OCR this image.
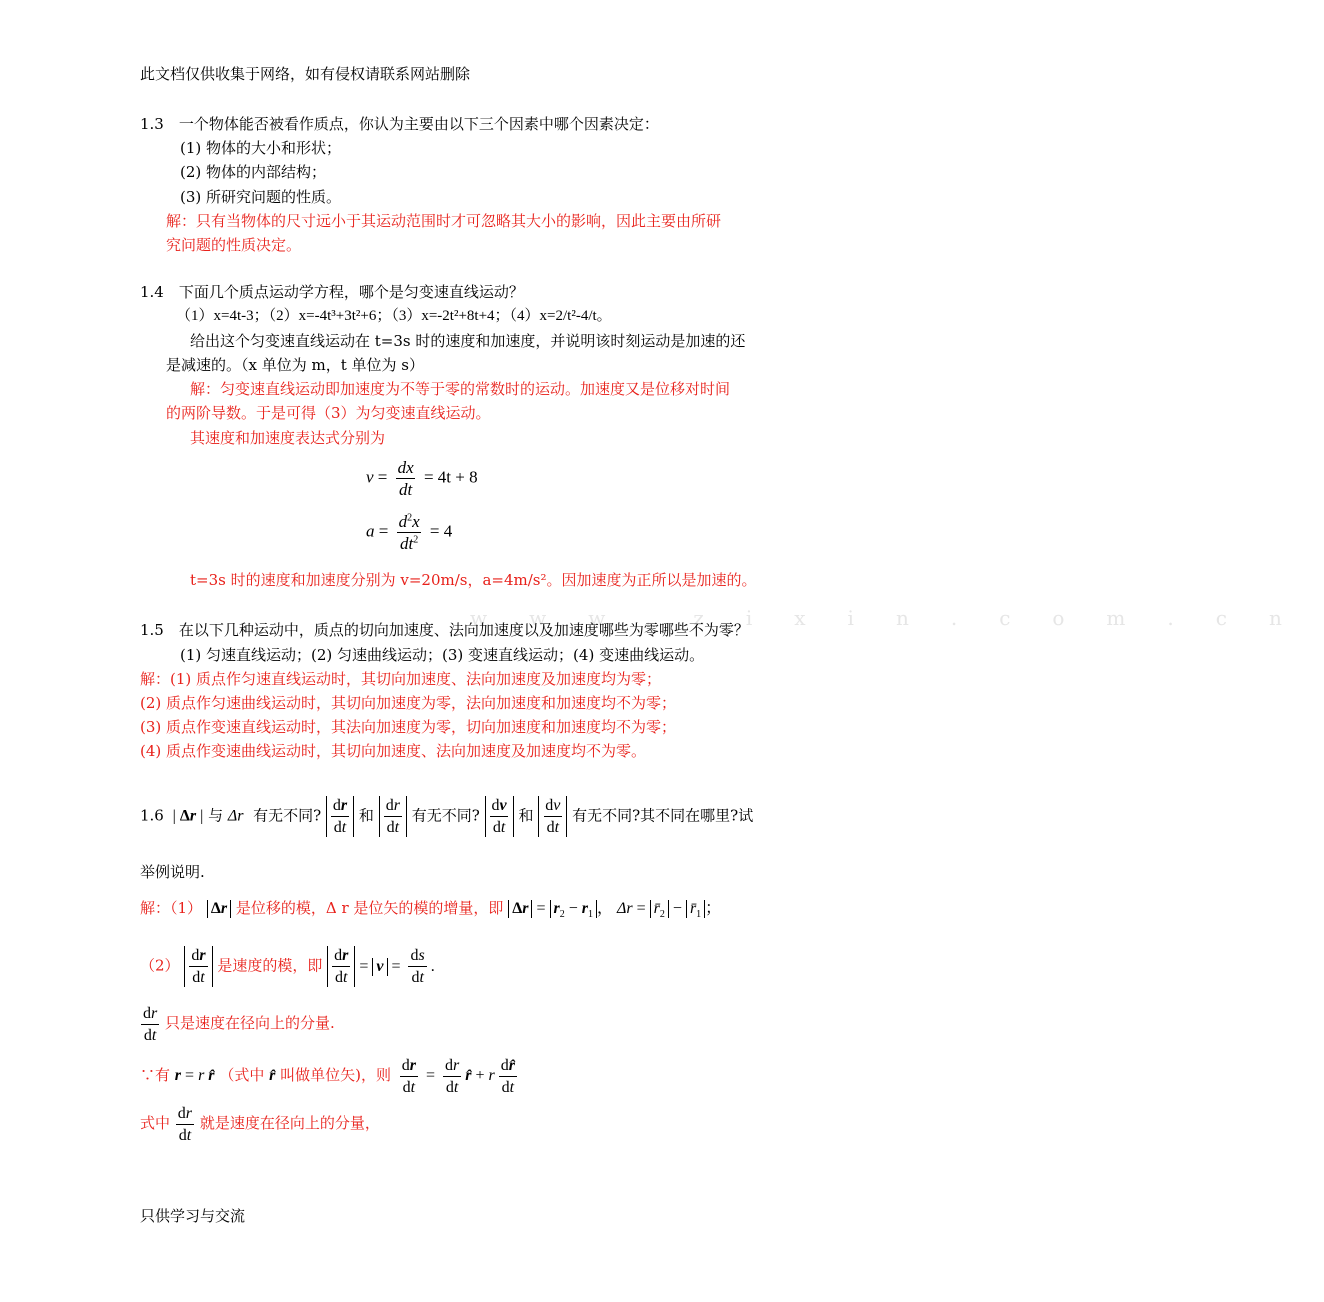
www.zixin.com.cn
此文档仅供收集于网络，如有侵权请联系网站删除
1.3　一个物体能否被看作质点，你认为主要由以下三个因素中哪个因素决定：
(1) 物体的大小和形状；
(2) 物体的内部结构；
(3) 所研究问题的性质。
解：只有当物体的尺寸远小于其运动范围时才可忽略其大小的影响，因此主要由所研
究问题的性质决定。
1.4　下面几个质点运动学方程，哪个是匀变速直线运动？
（1）x=4t-3；（2）x=-4t³+3t²+6；（3）x=-2t²+8t+4；（4）x=2/t²-4/t。
给出这个匀变速直线运动在 t=3s 时的速度和加速度，并说明该时刻运动是加速的还
是减速的。（x 单位为 m，t 单位为 s）
解：匀变速直线运动即加速度为不等于零的常数时的运动。加速度又是位移对时间
的两阶导数。于是可得（3）为匀变速直线运动。
其速度和加速度表达式分别为
$v = \frac{dx}{dt} = 4t + 8$
$a = \frac{d^2x}{dt^2} = 4$
t=3s 时的速度和加速度分别为 v=20m/s，a=4m/s²。因加速度为正所以是加速的。
1.5　在以下几种运动中，质点的切向加速度、法向加速度以及加速度哪些为零哪些不为零？
(1) 匀速直线运动；(2) 匀速曲线运动；(3) 变速直线运动；(4) 变速曲线运动。
解：(1) 质点作匀速直线运动时，其切向加速度、法向加速度及加速度均为零；
(2) 质点作匀速曲线运动时，其切向加速度为零，法向加速度和加速度均不为零；
(3) 质点作变速直线运动时，其法向加速度为零，切向加速度和加速度均不为零；
(4) 质点作变速曲线运动时，其切向加速度、法向加速度及加速度均不为零。
1.6  | Δr | 与 Δr 有无不同? $\frac{dr}{dt}$ 和 $\frac{dr}{dt}$ 有无不同? $\frac{dv}{dt}$ 和 $\frac{dv}{dt}$ 有无不同?其不同在哪里?试
举例说明.
解：（1） Δr 是位移的模，Δ r 是位矢的模的增量，即 $\Delta r = r_2 - r_1$ ， $\Delta r = r̄_2$ − $r̄_1$ ；
$(2) \frac{dr}{dt}$ 是速度的模，即 $\frac{dr}{dt} = v = \frac{ds}{dt}$ .
$\frac{dr}{dt}$ 只是速度在径向上的分量.
∵有 r = r r̂ （式中 r̂ 叫做单位矢)，则 $\frac{dr}{dt} = \frac{dr}{dt}$ r̂ + r $\frac{dr̂}{dt}$
式中 $\frac{dr}{dt}$ 就是速度在径向上的分量，
只供学习与交流
